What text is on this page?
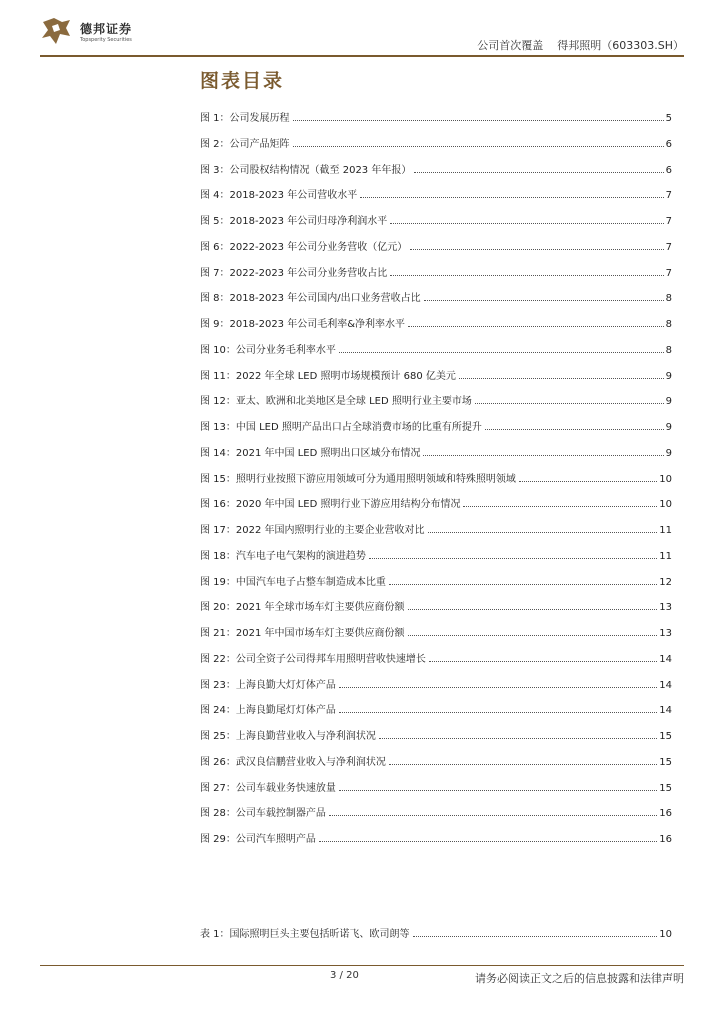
德邦证券
Topsperity Securities	公司首次覆盖 得邦照明（603303.SH）
图表目录
图 1：公司发展历程	5
图 2：公司产品矩阵	6
图 3：公司股权结构情况（截至 2023 年年报）	6
图 4：2018-2023 年公司营收水平	7
图 5：2018-2023 年公司归母净利润水平	7
图 6：2022-2023 年公司分业务营收（亿元）	7
图 7：2022-2023 年公司分业务营收占比	7
图 8：2018-2023 年公司国内/出口业务营收占比	8
图 9：2018-2023 年公司毛利率&净利率水平	8
图 10：公司分业务毛利率水平	8
图 11：2022 年全球 LED 照明市场规模预计 680 亿美元	9
图 12：亚太、欧洲和北美地区是全球 LED 照明行业主要市场	9
图 13：中国 LED 照明产品出口占全球消费市场的比重有所提升	9
图 14：2021 年中国 LED 照明出口区域分布情况	9
图 15：照明行业按照下游应用领域可分为通用照明领域和特殊照明领域	10
图 16：2020 年中国 LED 照明行业下游应用结构分布情况	10
图 17：2022 年国内照明行业的主要企业营收对比	11
图 18：汽车电子电气架构的演进趋势	11
图 19：中国汽车电子占整车制造成本比重	12
图 20：2021 年全球市场车灯主要供应商份额	13
图 21：2021 年中国市场车灯主要供应商份额	13
图 22：公司全资子公司得邦车用照明营收快速增长	14
图 23：上海良勤大灯灯体产品	14
图 24：上海良勤尾灯灯体产品	14
图 25：上海良勤营业收入与净利润状况	15
图 26：武汉良信鹏营业收入与净利润状况	15
图 27：公司车载业务快速放量	15
图 28：公司车载控制器产品	16
图 29：公司汽车照明产品	16
表 1：国际照明巨头主要包括昕诺飞、欧司朗等	10
3 / 20	请务必阅读正文之后的信息披露和法律声明
